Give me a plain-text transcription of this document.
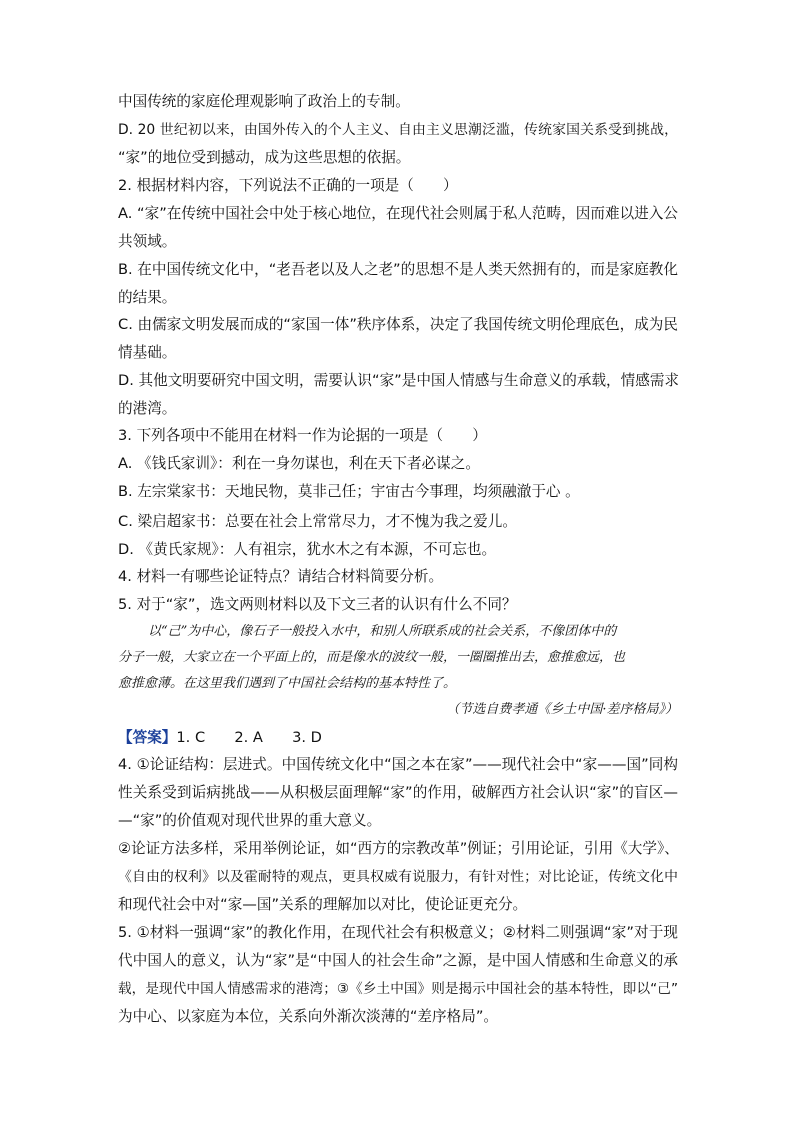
中国传统的家庭伦理观影响了政治上的专制。
D. 20 世纪初以来，由国外传入的个人主义、自由主义思潮泛滥，传统家国关系受到挑战，
“家”的地位受到撼动，成为这些思想的依据。
2. 根据材料内容，下列说法不正确的一项是（　　）
A. “家”在传统中国社会中处于核心地位，在现代社会则属于私人范畴，因而难以进入公
共领域。
B. 在中国传统文化中，“老吾老以及人之老”的思想不是人类天然拥有的，而是家庭教化
的结果。
C. 由儒家文明发展而成的“家国一体”秩序体系，决定了我国传统文明伦理底色，成为民
情基础。
D. 其他文明要研究中国文明，需要认识“家”是中国人情感与生命意义的承载，情感需求
的港湾。
3. 下列各项中不能用在材料一作为论据的一项是（　　）
A. 《钱氏家训》：利在一身勿谋也，利在天下者必谋之。
B. 左宗棠家书：天地民物，莫非己任；宇宙古今事理，均须融澈于心 。
C. 梁启超家书：总要在社会上常常尽力，才不愧为我之爱儿。
D. 《黄氏家规》：人有祖宗，犹水木之有本源，不可忘也。
4. 材料一有哪些论证特点？请结合材料简要分析。
5. 对于“家”，选文两则材料以及下文三者的认识有什么不同？
以“己”为中心，像石子一般投入水中，和别人所联系成的社会关系，不像团体中的
分子一般，大家立在一个平面上的，而是像水的波纹一般，一圈圈推出去，愈推愈远，也
愈推愈薄。在这里我们遇到了中国社会结构的基本特性了。
（节选自费孝通《乡土中国·差序格局》）
【答案】1. C　　2. A　　3. D
4. ①论证结构：层进式。中国传统文化中“国之本在家”——现代社会中“家——国”同构
性关系受到诟病挑战——从积极层面理解“家”的作用，破解西方社会认识“家”的盲区—
—“家”的价值观对现代世界的重大意义。
②论证方法多样，采用举例论证，如“西方的宗教改革”例证；引用论证，引用《大学》、
《自由的权利》以及霍耐特的观点，更具权威有说服力，有针对性；对比论证，传统文化中
和现代社会中对“家—国”关系的理解加以对比，使论证更充分。
5. ①材料一强调“家”的教化作用，在现代社会有积极意义；②材料二则强调“家”对于现
代中国人的意义，认为“家”是“中国人的社会生命”之源，是中国人情感和生命意义的承
载，是现代中国人情感需求的港湾；③《乡土中国》则是揭示中国社会的基本特性，即以“己”
为中心、以家庭为本位，关系向外渐次淡薄的“差序格局”。
